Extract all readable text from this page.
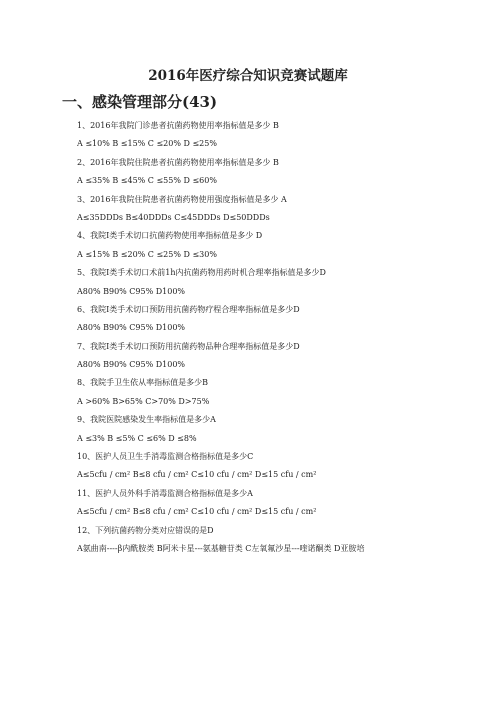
2016年医疗综合知识竞赛试题库
一、感染管理部分(43)
1、2016年我院门诊患者抗菌药物使用率指标值是多少 B
A ≤10% B ≤15% C ≤20% D ≤25%
2、2016年我院住院患者抗菌药物使用率指标值是多少 B
A ≤35% B ≤45% C ≤55% D ≤60%
3、2016年我院住院患者抗菌药物使用强度指标值是多少 A
A≤35DDDs B≤40DDDs C≤45DDDs D≤50DDDs
4、我院Ⅰ类手术切口抗菌药物使用率指标值是多少 D
A ≤15% B ≤20% C ≤25% D ≤30%
5、我院Ⅰ类手术切口术前1h内抗菌药物用药时机合理率指标值是多少D
A80% B90% C95% D100%
6、我院Ⅰ类手术切口预防用抗菌药物疗程合理率指标值是多少D
A80% B90% C95% D100%
7、我院Ⅰ类手术切口预防用抗菌药物品种合理率指标值是多少D
A80% B90% C95% D100%
8、我院手卫生依从率指标值是多少B
A >60% B>65% C>70% D>75%
9、我院医院感染发生率指标值是多少A
A ≤3% B ≤5% C ≤6% D ≤8%
10、医护人员卫生手消毒监测合格指标值是多少C
A≤5cfu / cm² B≤8 cfu / cm² C≤10 cfu / cm² D≤15 cfu / cm²
11、医护人员外科手消毒监测合格指标值是多少A
A≤5cfu / cm² B≤8 cfu / cm² C≤10 cfu / cm² D≤15 cfu / cm²
12、下列抗菌药物分类对应错误的是D
A氨曲南----β内酰胺类 B阿米卡星---氨基糖苷类 C左氧氟沙星---喹诺酮类 D亚胺培
